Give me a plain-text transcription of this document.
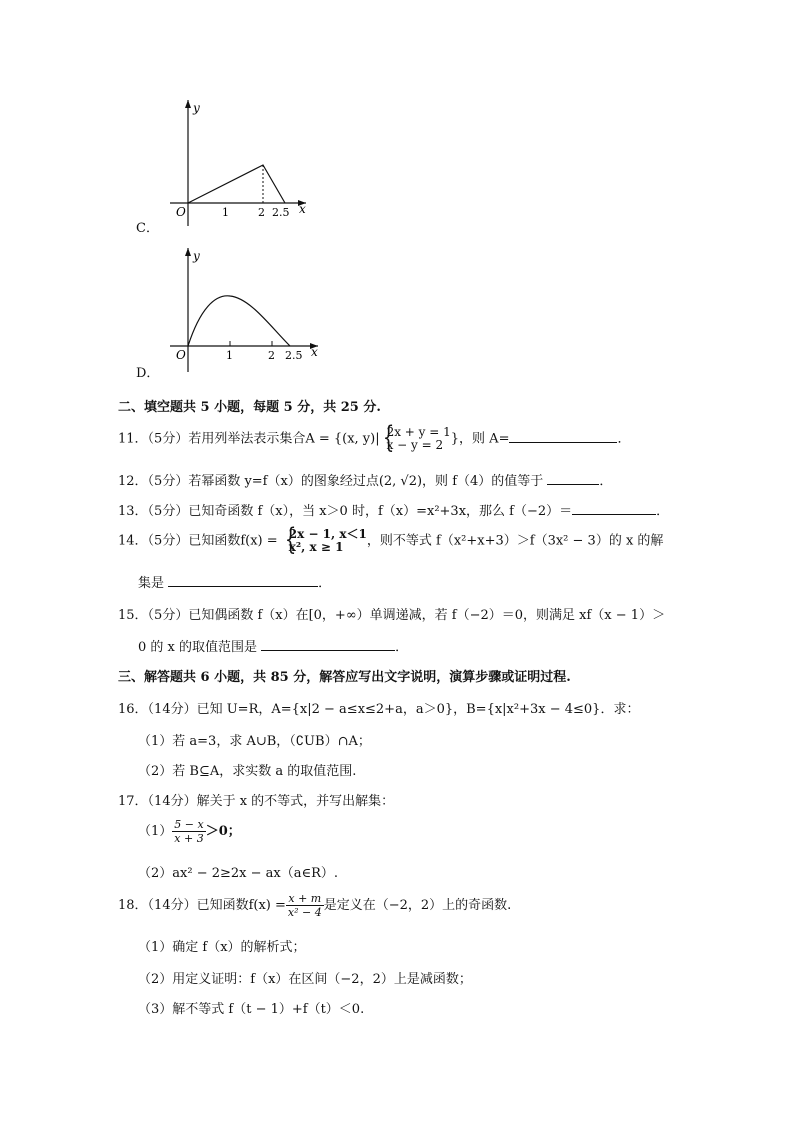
y
O	1	2 2.5 x
C．
y
O	1	2 2.5 x
D．
二、填空题共 5 小题，每题 5 分，共 25 分.
11．（5分）若用列举法表示集合A = {(x, y)| { 2x + y = 1
x − y = 2 }，则 A=	．
12．（5分）若幂函数 y=f（x）的图象经过点(2, √2)，则 f（4）的值等于	．
13．（5分）已知奇函数 f（x），当 x＞0 时，f（x）=x²+3x，那么 f（−2）＝	．
14．（5分）已知函数f(x) = { 2x − 1, x＜1
x², x ≥ 1	，则不等式 f（x²+x+3）＞f（3x² − 3）的 x 的解
集是	．
15．（5分）已知偶函数 f（x）在[0，+∞）单调递减，若 f（−2）＝0，则满足 xf（x − 1）＞
0 的 x 的取值范围是	．
三、解答题共 6 小题，共 85 分，解答应写出文字说明，演算步骤或证明过程.
16．（14分）已知 U=R，A={x|2 − a≤x≤2+a，a＞0}，B={x|x²+3x − 4≤0}．求：
（1）若 a=3，求 A∪B，（∁UB）∩A；
（2）若 B⊆A，求实数 a 的取值范围.
17．（14分）解关于 x 的不等式，并写出解集：
$(1) \frac{5 - x}{x + 3} >0$；
（2）ax² − 2≥2x − ax（a∈R）.
18．（14分）已知函数$f(x) = \frac{x + m}{\text{x² − 4}}$ 是定义在（−2，2）上的奇函数.
（1）确定 f（x）的解析式；
（2）用定义证明：f（x）在区间（−2，2）上是减函数；
（3）解不等式 f（t − 1）+f（t）＜0.
